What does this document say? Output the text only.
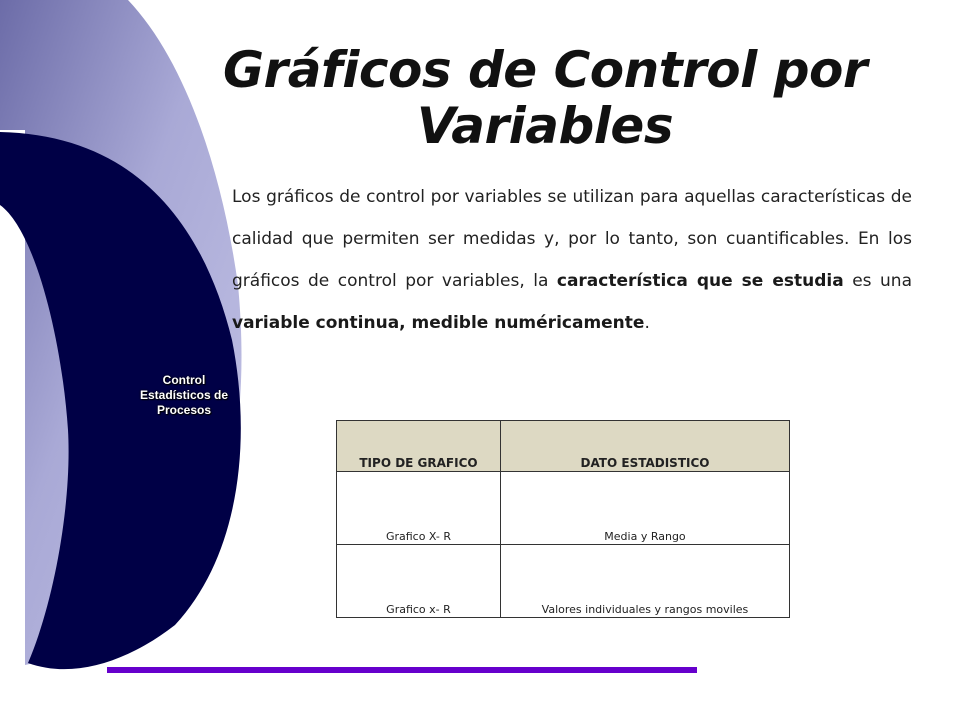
Control
Estadísticos de
Procesos
Gráficos de Control por
Variables

Los gráficos de control por variables se utilizan para aquellas características de calidad que permiten ser medidas y, por lo tanto, son cuantificables. En los gráficos de control por variables, la característica que se estudia es una variable continua, medible numéricamente.

TIPO DE GRAFICO	DATO ESTADISTICO
Grafico X- R	Media y Rango
Grafico x- R	Valores individuales y rangos moviles
